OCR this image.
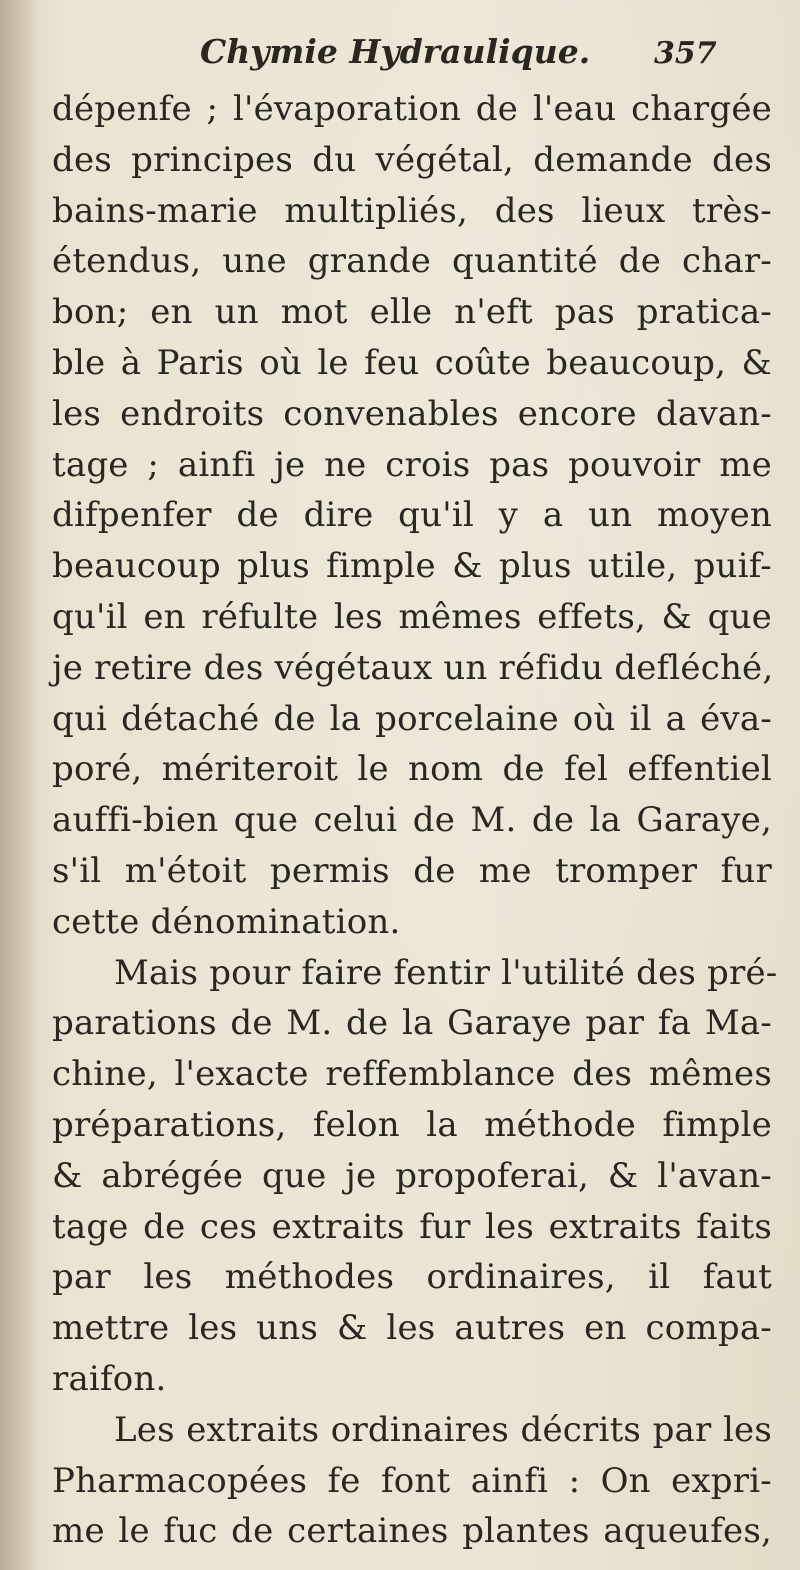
Chymie Hydraulique. 357
dépenfe ; l'évaporation de l'eau chargée
des principes du végétal, demande des
bains-marie multipliés, des lieux très-
étendus, une grande quantité de char-
bon; en un mot elle n'eft pas pratica-
ble à Paris où le feu coûte beaucoup, &
les endroits convenables encore davan-
tage ; ainfi je ne crois pas pouvoir me
difpenfer de dire qu'il y a un moyen
beaucoup plus fimple & plus utile, puif-
qu'il en réfulte les mêmes effets, & que
je retire des végétaux un réfidu defléché,
qui détaché de la porcelaine où il a éva-
poré, mériteroit le nom de fel effentiel
auffi-bien que celui de M. de la Garaye,
s'il m'étoit permis de me tromper fur
cette dénomination.
Mais pour faire fentir l'utilité des pré-
parations de M. de la Garaye par fa Ma-
chine, l'exacte reffemblance des mêmes
préparations, felon la méthode fimple
& abrégée que je propoferai, & l'avan-
tage de ces extraits fur les extraits faits
par les méthodes ordinaires, il faut
mettre les uns & les autres en compa-
raifon.
Les extraits ordinaires décrits par les
Pharmacopées fe font ainfi : On expri-
me le fuc de certaines plantes aqueufes,
